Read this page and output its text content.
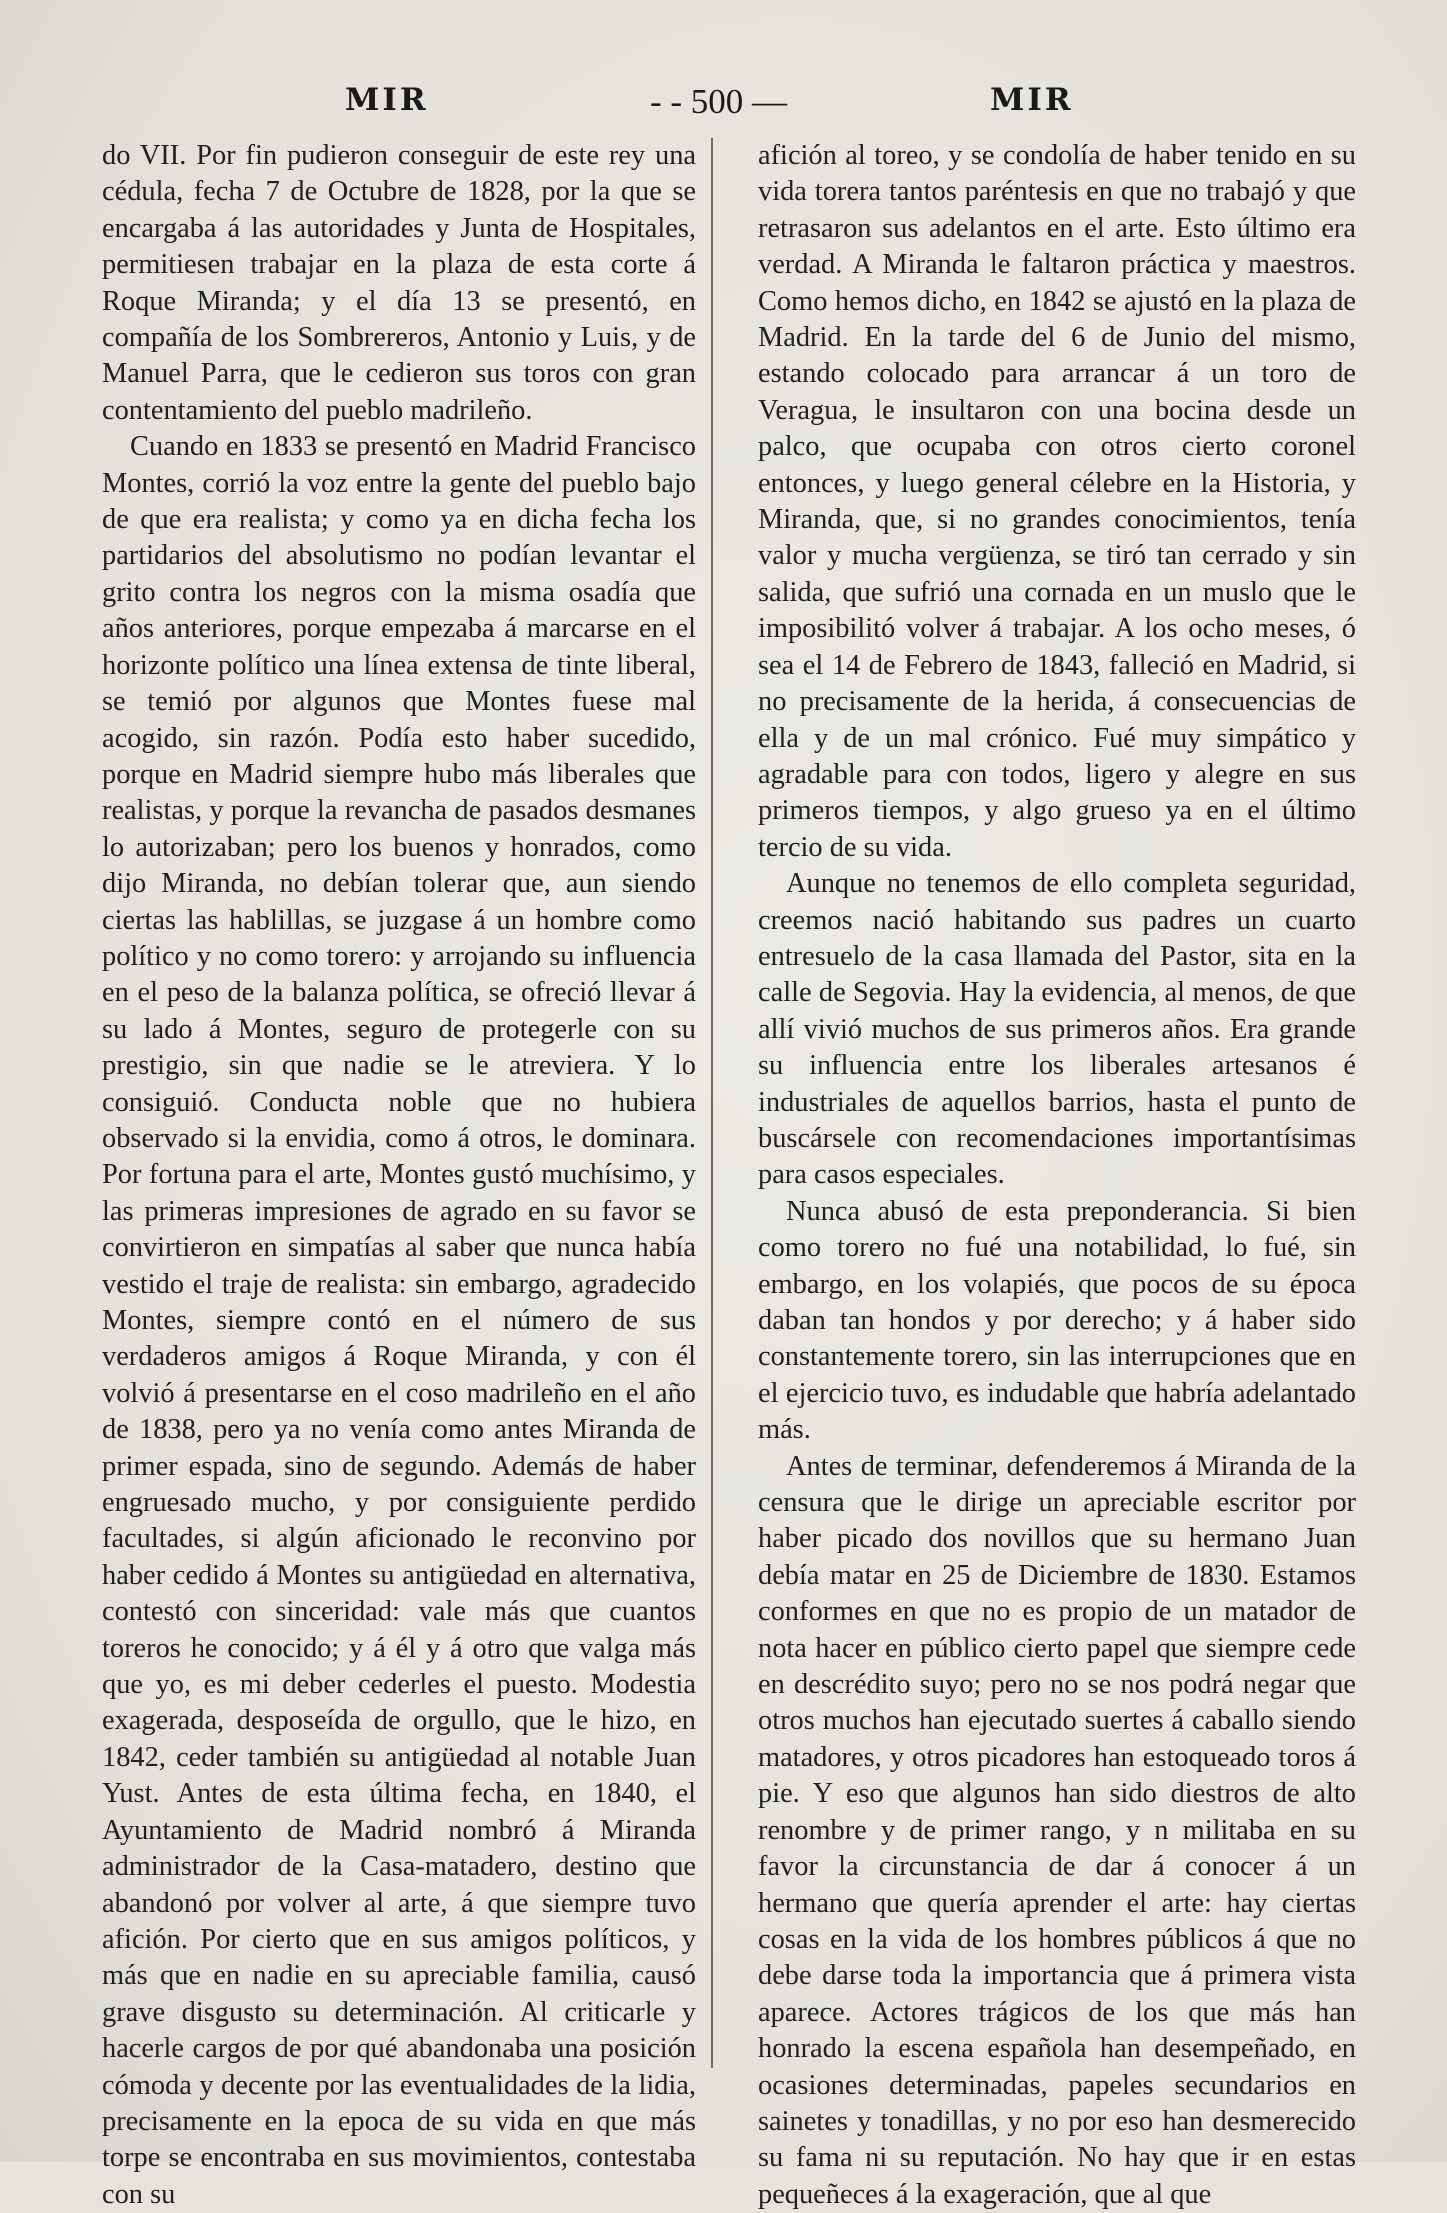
MIR	- - 500 —	MIR

do VII. Por fin pudieron conseguir de este rey una cédula, fecha 7 de Octubre de 1828, por la que se encargaba á las autoridades y Junta de Hospitales, permitiesen trabajar en la plaza de esta corte á Roque Miranda; y el día 13 se presentó, en compañía de los Sombrereros, Antonio y Luis, y de Manuel Parra, que le cedieron sus toros con gran contentamiento del pueblo madrileño.

Cuando en 1833 se presentó en Madrid Francisco Montes, corrió la voz entre la gente del pueblo bajo de que era realista; y como ya en dicha fecha los partidarios del absolutismo no podían levantar el grito contra los negros con la misma osadía que años anteriores, porque empezaba á marcarse en el horizonte político una línea extensa de tinte liberal, se temió por algunos que Montes fuese mal acogido, sin razón. Podía esto haber sucedido, porque en Madrid siempre hubo más liberales que realistas, y porque la revancha de pasados desmanes lo autorizaban; pero los buenos y honrados, como dijo Miranda, no debían tolerar que, aun siendo ciertas las hablillas, se juzgase á un hombre como político y no como torero: y arrojando su influencia en el peso de la balanza política, se ofreció llevar á su lado á Montes, seguro de protegerle con su prestigio, sin que nadie se le atreviera. Y lo consiguió. Conducta noble que no hubiera observado si la envidia, como á otros, le dominara. Por fortuna para el arte, Montes gustó muchísimo, y las primeras impresiones de agrado en su favor se convirtieron en simpatías al saber que nunca había vestido el traje de realista: sin embargo, agradecido Montes, siempre contó en el número de sus verdaderos amigos á Roque Miranda, y con él volvió á presentarse en el coso madrileño en el año de 1838, pero ya no venía como antes Miranda de primer espada, sino de segundo. Además de haber engruesado mucho, y por consiguiente perdido facultades, si algún aficionado le reconvino por haber cedido á Montes su antigüedad en alternativa, contestó con sinceridad: vale más que cuantos toreros he conocido; y á él y á otro que valga más que yo, es mi deber cederles el puesto. Modestia exagerada, desposeída de orgullo, que le hizo, en 1842, ceder también su antigüedad al notable Juan Yust. Antes de esta última fecha, en 1840, el Ayuntamiento de Madrid nombró á Miranda administrador de la Casa-matadero, destino que abandonó por volver al arte, á que siempre tuvo afición. Por cierto que en sus amigos políticos, y más que en nadie en su apreciable familia, causó grave disgusto su determinación. Al criticarle y hacerle cargos de por qué abandonaba una posición cómoda y decente por las eventualidades de la lidia, precisamente en la epoca de su vida en que más torpe se encontraba en sus movimientos, contestaba con su

afición al toreo, y se condolía de haber tenido en su vida torera tantos paréntesis en que no trabajó y que retrasaron sus adelantos en el arte. Esto último era verdad. A Miranda le faltaron práctica y maestros. Como hemos dicho, en 1842 se ajustó en la plaza de Madrid. En la tarde del 6 de Junio del mismo, estando colocado para arrancar á un toro de Veragua, le insultaron con una bocina desde un palco, que ocupaba con otros cierto coronel entonces, y luego general célebre en la Historia, y Miranda, que, si no grandes conocimientos, tenía valor y mucha vergüenza, se tiró tan cerrado y sin salida, que sufrió una cornada en un muslo que le imposibilitó volver á trabajar. A los ocho meses, ó sea el 14 de Febrero de 1843, falleció en Madrid, si no precisamente de la herida, á consecuencias de ella y de un mal crónico. Fué muy simpático y agradable para con todos, ligero y alegre en sus primeros tiempos, y algo grueso ya en el último tercio de su vida.

Aunque no tenemos de ello completa seguridad, creemos nació habitando sus padres un cuarto entresuelo de la casa llamada del Pastor, sita en la calle de Segovia. Hay la evidencia, al menos, de que allí vivió muchos de sus primeros años. Era grande su influencia entre los liberales artesanos é industriales de aquellos barrios, hasta el punto de buscársele con recomendaciones importantísimas para casos especiales.

Nunca abusó de esta preponderancia. Si bien como torero no fué una notabilidad, lo fué, sin embargo, en los volapiés, que pocos de su época daban tan hondos y por derecho; y á haber sido constantemente torero, sin las interrupciones que en el ejercicio tuvo, es indudable que habría adelantado más.

Antes de terminar, defenderemos á Miranda de la censura que le dirige un apreciable escritor por haber picado dos novillos que su hermano Juan debía matar en 25 de Diciembre de 1830. Estamos conformes en que no es propio de un matador de nota hacer en público cierto papel que siempre cede en descrédito suyo; pero no se nos podrá negar que otros muchos han ejecutado suertes á caballo siendo matadores, y otros picadores han estoqueado toros á pie. Y eso que algunos han sido diestros de alto renombre y de primer rango, y n militaba en su favor la circunstancia de dar á conocer á un hermano que quería aprender el arte: hay ciertas cosas en la vida de los hombres públicos á que no debe darse toda la importancia que á primera vista aparece. Actores trágicos de los que más han honrado la escena española han desempeñado, en ocasiones determinadas, papeles secundarios en sainetes y tonadillas, y no por eso han desmerecido su fama ni su reputación. No hay que ir en estas pequeñeces á la exageración, que al que
